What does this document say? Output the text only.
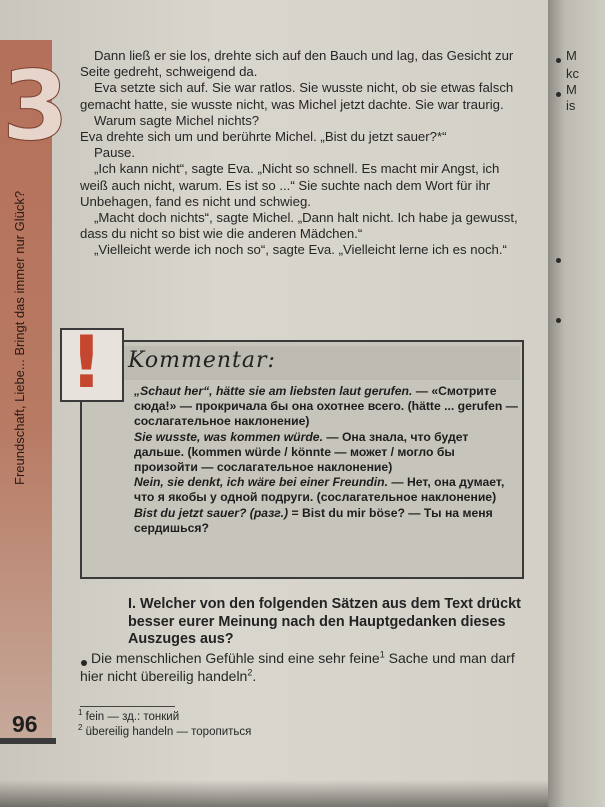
3
Freundschaft, Liebe... Bringt das immer nur Glück?

Dann ließ er sie los, drehte sich auf den Bauch und lag, das Gesicht zur Seite gedreht, schweigend da.

Eva setzte sich auf. Sie war ratlos. Sie wusste nicht, ob sie etwas falsch gemacht hatte, sie wusste nicht, was Michel jetzt dachte. Sie war traurig.

Warum sagte Michel nichts?

Eva drehte sich um und berührte Michel. „Bist du jetzt sauer?*“

Pause.

„Ich kann nicht“, sagte Eva. „Nicht so schnell. Es macht mir Angst, ich weiß auch nicht, warum. Es ist so ...“ Sie suchte nach dem Wort für ihr Unbehagen, fand es nicht und schwieg.

„Macht doch nichts“, sagte Michel. „Dann halt nicht. Ich habe ja gewusst, dass du nicht so bist wie die anderen Mädchen.“

„Vielleicht werde ich noch so“, sagte Eva. „Vielleicht lerne ich es noch.“

Kommentar:
!	„Schaut her“, hätte sie am liebsten laut gerufen. — «Смотрите сюда!» — прокричала бы она охотнее всего. (hätte ... gerufen — сослагательное наклонение)

Sie wusste, was kommen würde. — Она знала, что будет дальше. (kommen würde / könnte — может / могло бы произойти — сослагательное наклонение)

Nein, sie denkt, ich wäre bei einer Freundin. — Нет, она думает, что я якобы у одной подруги. (сослагательное наклонение)

Bist du jetzt sauer? (разг.) = Bist du mir böse? — Ты на меня сердишься?

I. Welcher von den folgenden Sätzen aus dem Text drückt besser eurer Meinung nach den Hauptgedanken dieses Auszuges aus?
Die menschlichen Gefühle sind eine sehr feine$^1$ Sache und man darf hier nicht übereilig handeln$^2$.
$^1$ fein — зд.: тонкий
$^2$ übereilig handeln — торопиться
96
M
kc
M
is
